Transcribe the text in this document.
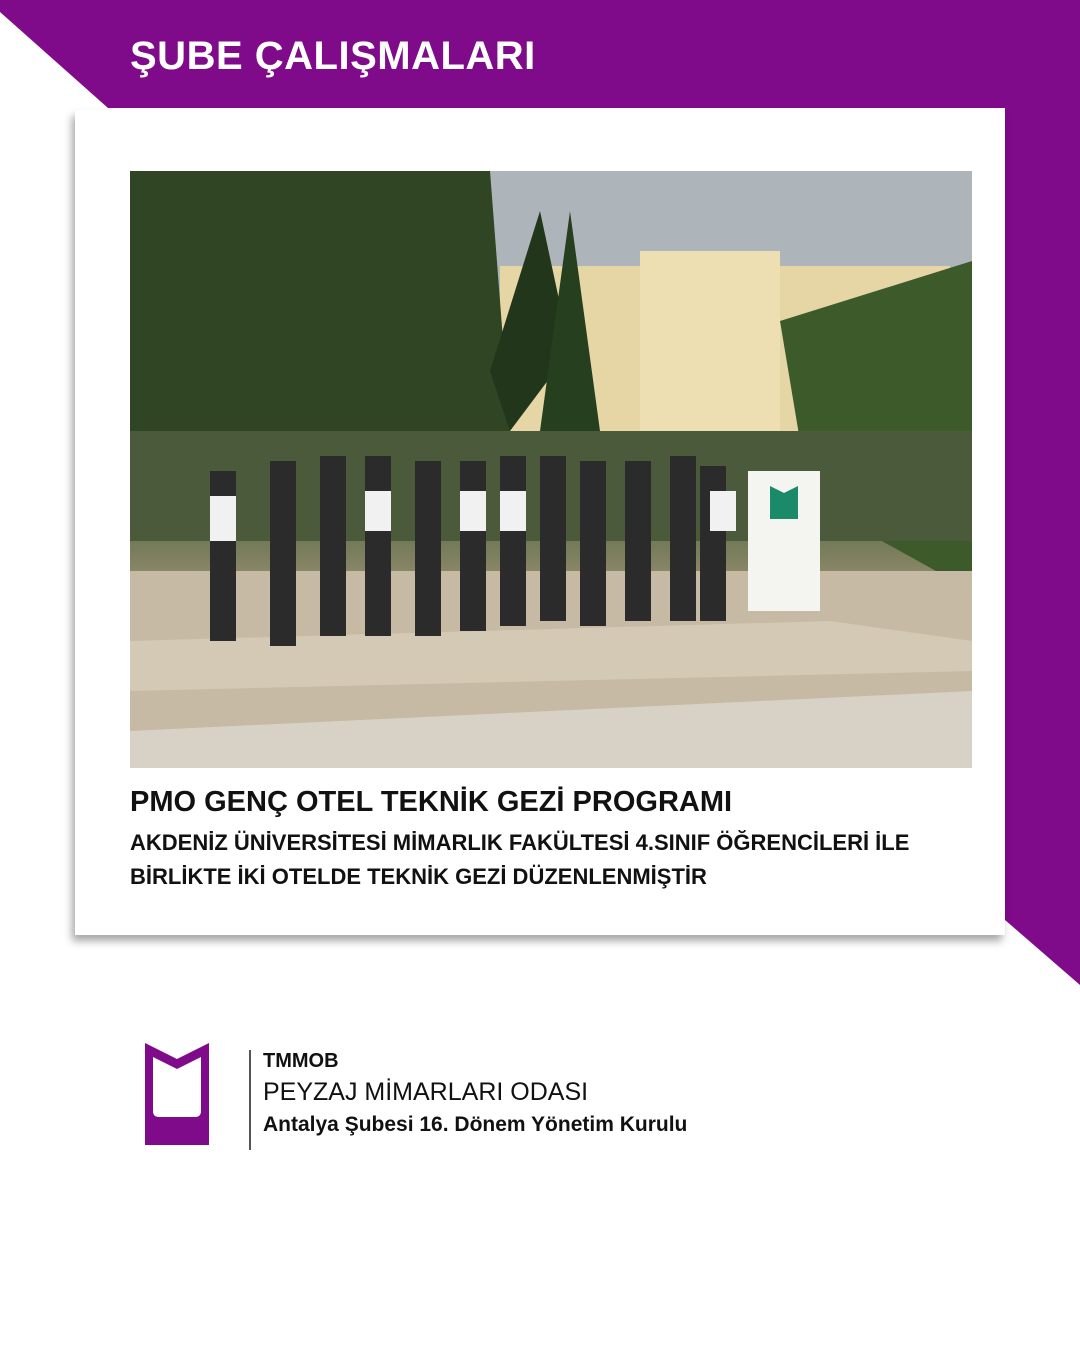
ŞUBE ÇALIŞMALARI
PMO GENÇ OTEL TEKNİK GEZİ PROGRAMI
AKDENİZ ÜNİVERSİTESİ MİMARLIK FAKÜLTESİ 4.SINIF ÖĞRENCİLERİ İLE BİRLİKTE İKİ OTELDE TEKNİK GEZİ DÜZENLENMİŞTİR
TMMOB
PEYZAJ MİMARLARI ODASI
Antalya Şubesi 16. Dönem Yönetim Kurulu
